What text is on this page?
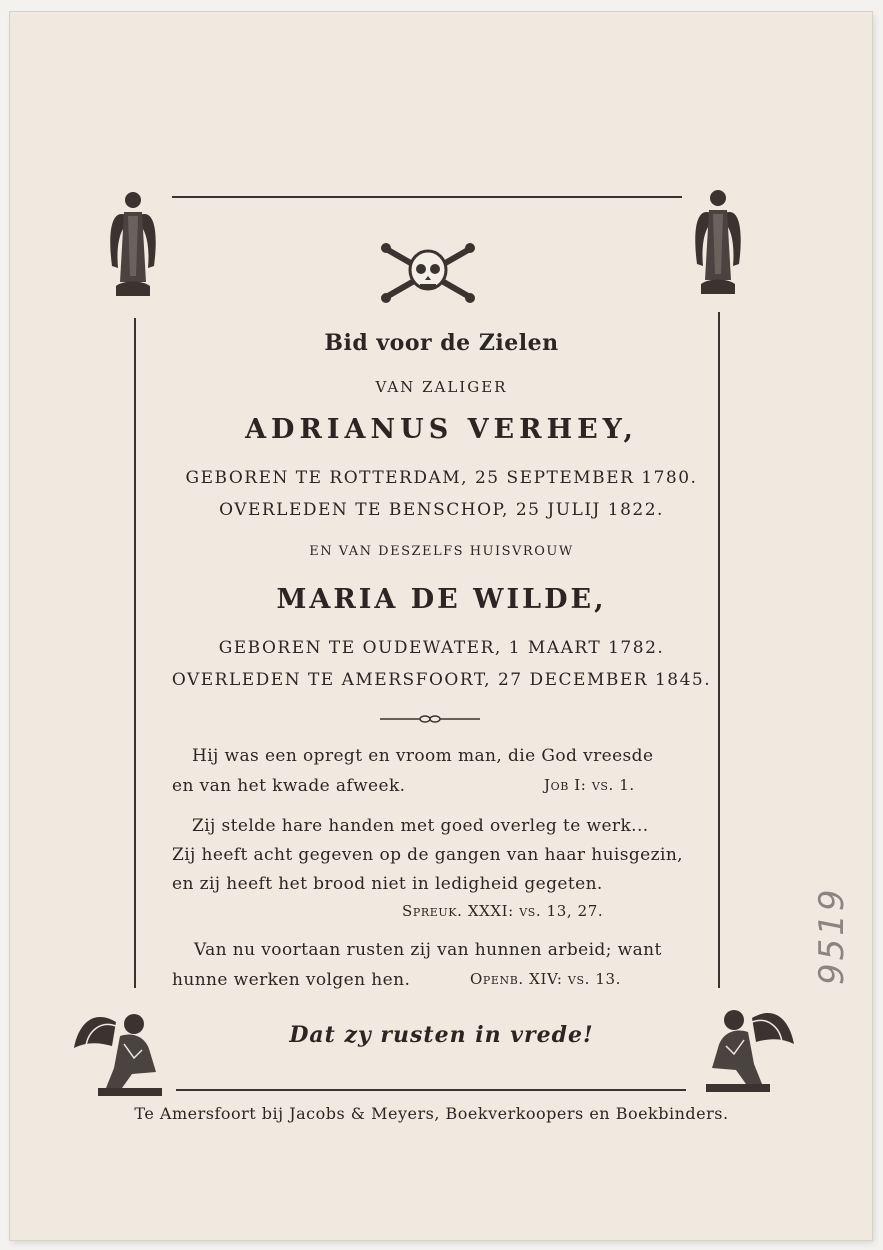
Bid voor de Zielen
VAN ZALIGER
ADRIANUS VERHEY,
GEBOREN TE ROTTERDAM, 25 SEPTEMBER 1780.
OVERLEDEN TE BENSCHOP, 25 JULIJ 1822.
EN VAN DESZELFS HUISVROUW
MARIA DE WILDE,
GEBOREN TE OUDEWATER, 1 MAART 1782.
OVERLEDEN TE AMERSFOORT, 27 DECEMBER 1845.
Hij was een opregt en vroom man, die God vreesde
en van het kwade afweek.	Job I: vs. 1.
Zij stelde hare handen met goed overleg te werk...
Zij heeft acht gegeven op de gangen van haar huisgezin,
en zij heeft het brood niet in ledigheid gegeten.
Spreuk. XXXI: vs. 13, 27.
Van nu voortaan rusten zij van hunnen arbeid; want
hunne werken volgen hen.	Openb. XIV: vs. 13.
Dat zy rusten in vrede!
Te Amersfoort bij Jacobs & Meyers, Boekverkoopers en Boekbinders.
9519
